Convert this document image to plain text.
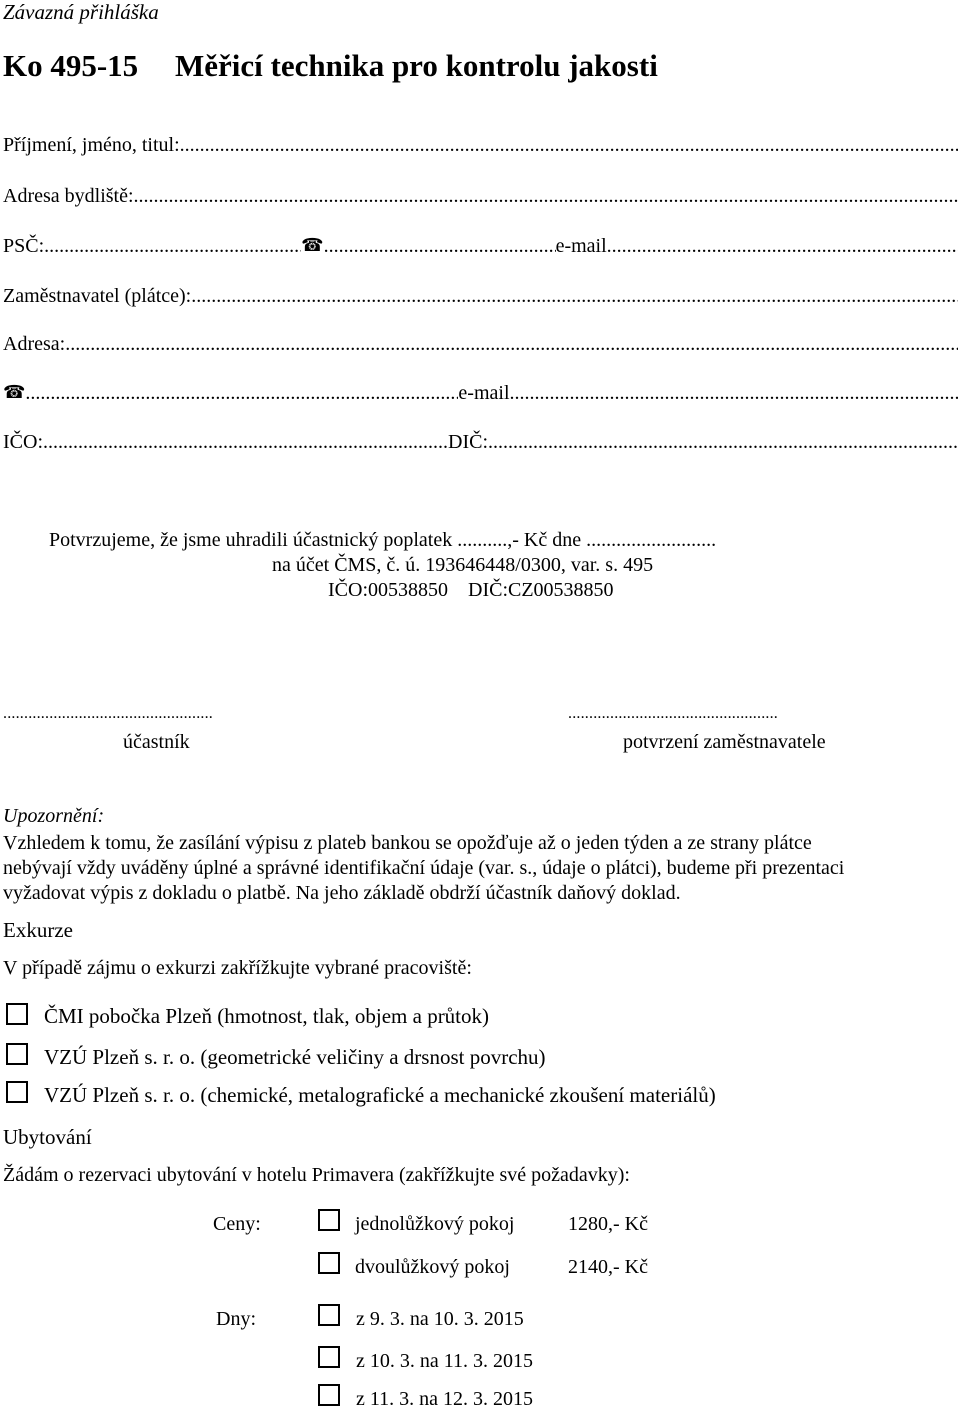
Závazná přihláška
Ko 495-15 Měřicí technika pro kontrolu jakosti
Příjmení, jméno, titul:
.....
Adresa bydliště:
.....
PSČ: .....	☎ .....	e-mail
.....
Zaměstnavatel (plátce):
.....
Adresa:
.....
☎ .....	e-mail
.....
IČO: .....	DIČ:
.....
Potvrzujeme, že jsme uhradili účastnický poplatek ..........,- Kč dne ..........................
na účet ČMS, č. ú. 193646448/0300, var. s. 495
IČO:00538850    DIČ:CZ00538850
..................................................	..................................................
účastník	potvrzení zaměstnavatele
Upozornění:
Vzhledem k tomu, že zasílání výpisu z plateb bankou se opožďuje až o jeden týden a ze strany plátce
nebývají vždy uváděny úplné a správné identifikační údaje (var. s., údaje o plátci), budeme při prezentaci
vyžadovat výpis z dokladu o platbě. Na jeho základě obdrží účastník daňový doklad.
Exkurze
V případě zájmu o exkurzi zakřížkujte vybrané pracoviště:
ČMI pobočka Plzeň (hmotnost, tlak, objem a průtok)
VZÚ Plzeň s. r. o. (geometrické veličiny a drsnost povrchu)
VZÚ Plzeň s. r. o. (chemické, metalografické a mechanické zkoušení materiálů)
Ubytování
Žádám o rezervaci ubytování v hotelu Primavera (zakřížkujte své požadavky):
Ceny:	jednolůžkový pokoj	1280,- Kč
dvoulůžkový pokoj	2140,- Kč
Dny:	z 9. 3. na 10. 3. 2015
z 10. 3. na 11. 3. 2015
z 11. 3. na 12. 3. 2015
